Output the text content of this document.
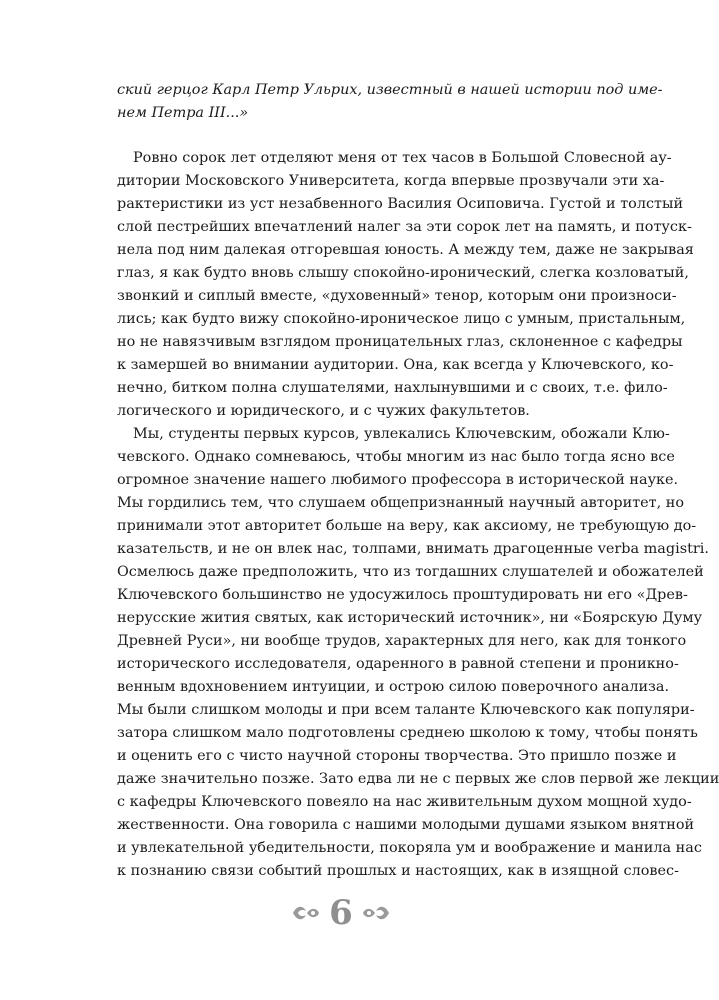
ский герцог Карл Петр Ульрих, известный в нашей истории под име-
нем Петра III...»
Ровно сорок лет отделяют меня от тех часов в Большой Словесной ау-
дитории Московского Университета, когда впервые прозвучали эти ха-
рактеристики из уст незабвенного Василия Осиповича. Густой и толстый
слой пестрейших впечатлений налег за эти сорок лет на память, и потуск-
нела под ним далекая отгоревшая юность. А между тем, даже не закрывая
глаз, я как будто вновь слышу спокойно-иронический, слегка козловатый,
звонкий и сиплый вместе, «духовенный» тенор, которым они произноси-
лись; как будто вижу спокойно-ироническое лицо с умным, пристальным,
но не навязчивым взглядом проницательных глаз, склоненное с кафедры
к замершей во внимании аудитории. Она, как всегда у Ключевского, ко-
нечно, битком полна слушателями, нахлынувшими и с своих, т.е. фило-
логического и юридического, и с чужих факультетов.
Мы, студенты первых курсов, увлекались Ключевским, обожали Клю-
чевского. Однако сомневаюсь, чтобы многим из нас было тогда ясно все
огромное значение нашего любимого профессора в исторической науке.
Мы гордились тем, что слушаем общепризнанный научный авторитет, но
принимали этот авторитет больше на веру, как аксиому, не требующую до-
казательств, и не он влек нас, толпами, внимать драгоценные verba magistri.
Осмелюсь даже предположить, что из тогдашних слушателей и обожателей
Ключевского большинство не удосужилось проштудировать ни его «Древ-
нерусские жития святых, как исторический источник», ни «Боярскую Думу
Древней Руси», ни вообще трудов, характерных для него, как для тонкого
исторического исследователя, одаренного в равной степени и проникно-
венным вдохновением интуиции, и острою силою поверочного анализа.
Мы были слишком молоды и при всем таланте Ключевского как популяри-
затора слишком мало подготовлены среднею школою к тому, чтобы понять
и оценить его с чисто научной стороны творчества. Это пришло позже и
даже значительно позже. Зато едва ли не с первых же слов первой же лекции
с кафедры Ключевского повеяло на нас живительным духом мощной худо-
жественности. Она говорила с нашими молодыми душами языком внятной
и увлекательной убедительности, покоряла ум и воображение и манила нас
к познанию связи событий прошлых и настоящих, как в изящной словес-
6
